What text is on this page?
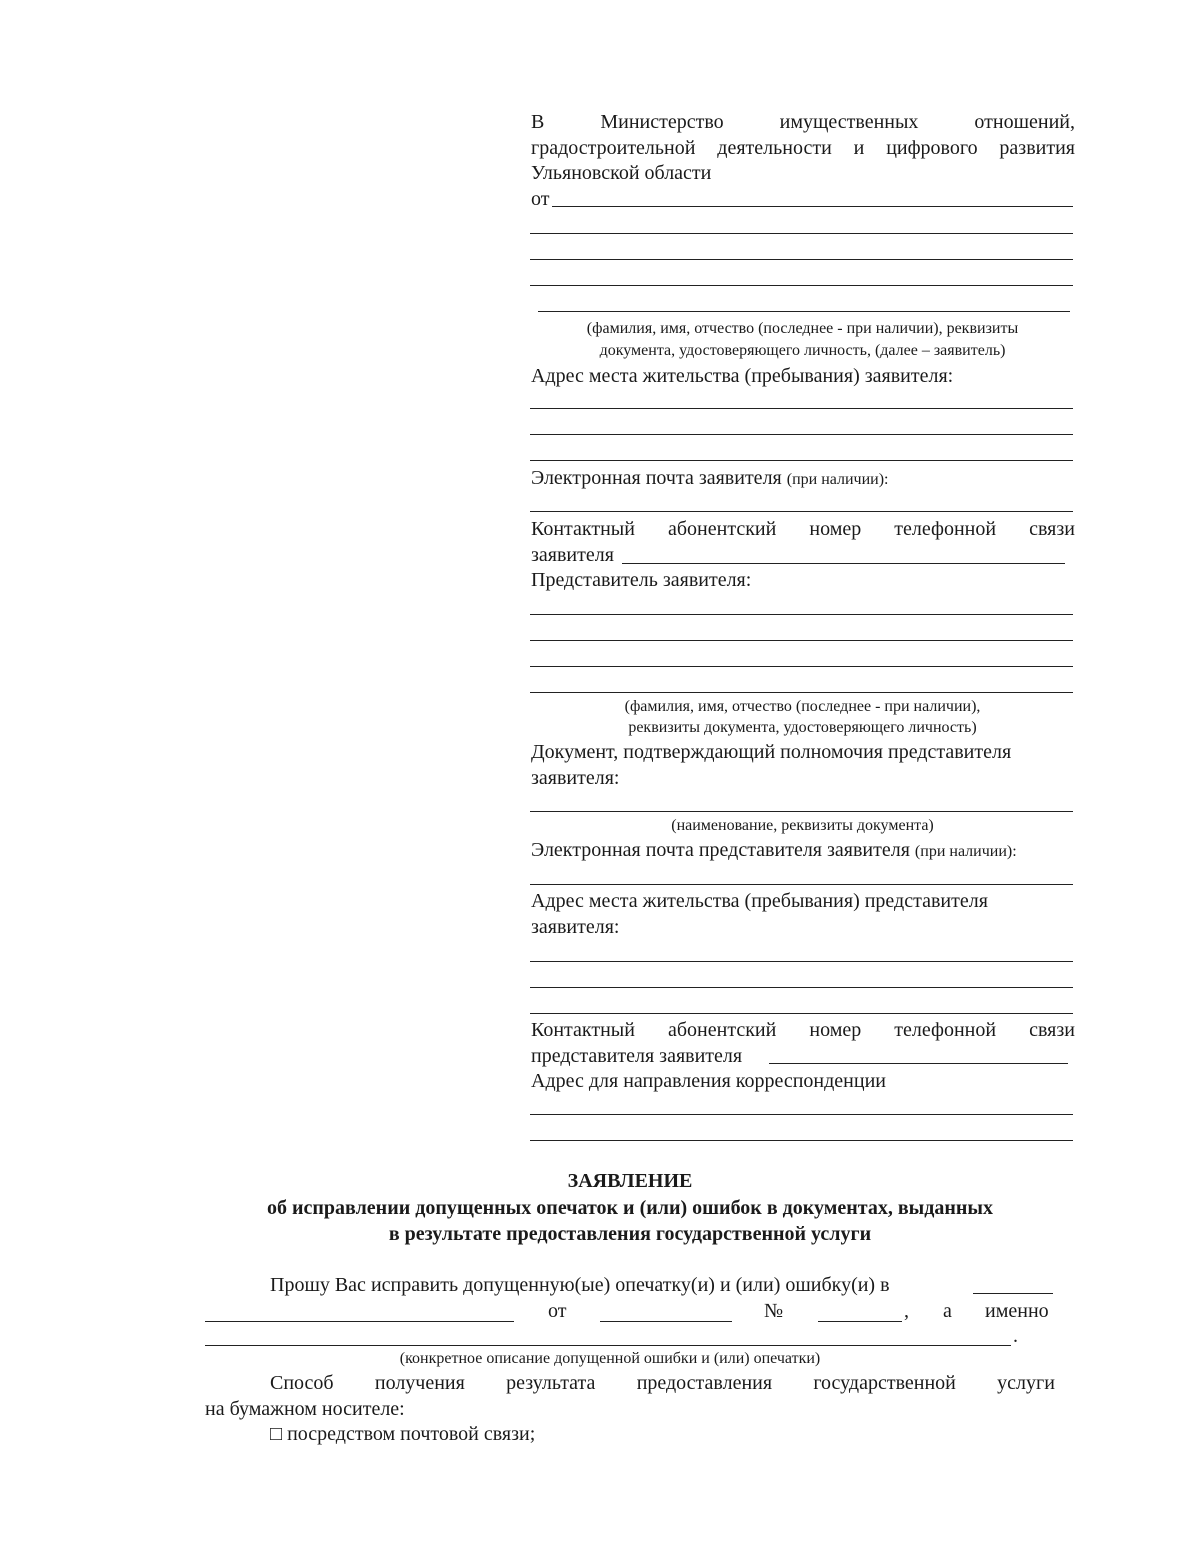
В	Министерство	имущественных	отношений,
градостроительной деятельности и цифрового развития
Ульяновской области
от
(фамилия, имя, отчество (последнее - при наличии), реквизиты
документа, удостоверяющего личность, (далее – заявитель)
Адрес места жительства (пребывания) заявителя:
Электронная почта заявителя (при наличии):
Контактный абонентский номер телефонной связи
заявителя
Представитель заявителя:
(фамилия, имя, отчество (последнее - при наличии),
реквизиты документа, удостоверяющего личность)
Документ, подтверждающий полномочия представителя
заявителя:
(наименование, реквизиты документа)
Электронная почта представителя заявителя (при наличии):
Адрес места жительства (пребывания) представителя
заявителя:
Контактный абонентский номер телефонной связи
представителя заявителя
Адрес для направления корреспонденции
ЗАЯВЛЕНИЕ
об исправлении допущенных опечаток и (или) ошибок в документах, выданных
в результате предоставления государственной услуги
Прошу Вас исправить допущенную(ые) опечатку(и) и (или) ошибку(и) в
от	№	, а именно
.
(конкретное описание допущенной ошибки и (или) опечатки)
Способ получения результата предоставления государственной услуги
на бумажном носителе:
□ посредством почтовой связи;
